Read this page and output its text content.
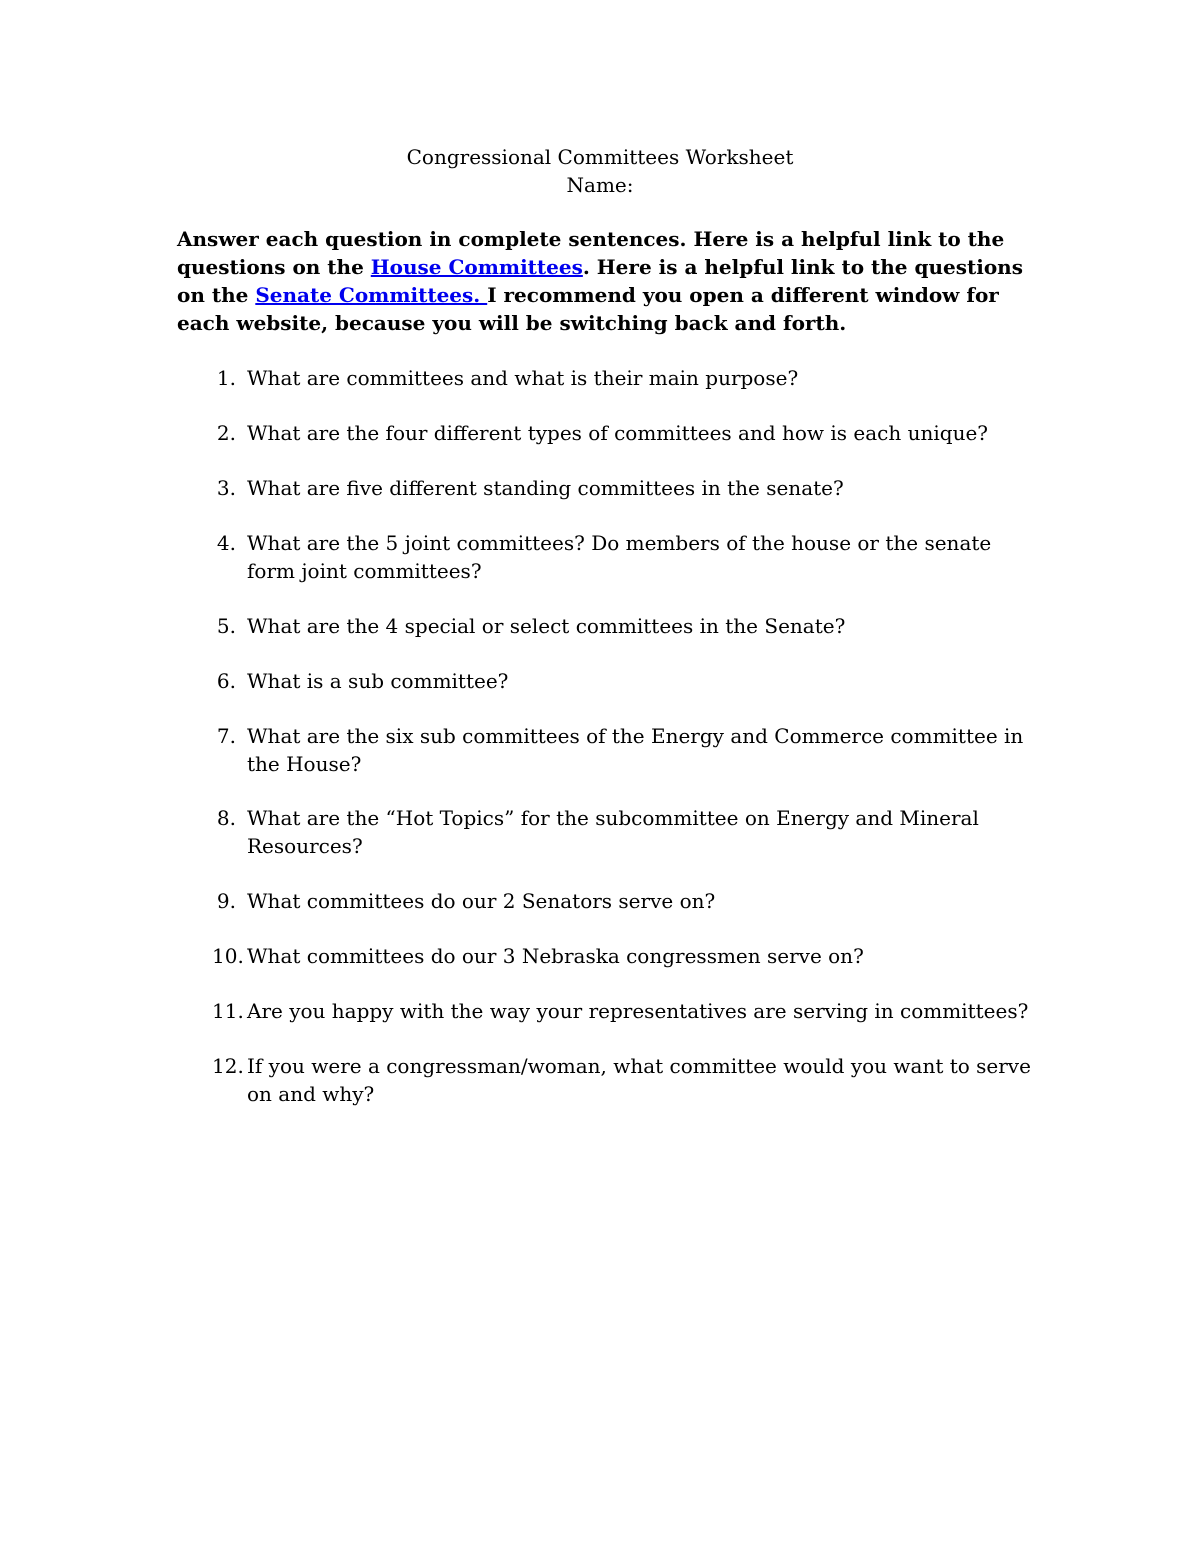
Congressional Committees Worksheet
Name:
Answer each question in complete sentences. Here is a helpful link to the questions on the House Committees. Here is a helpful link to the questions on the Senate Committees. I recommend you open a different window for each website, because you will be switching back and forth.
1. What are committees and what is their main purpose?
2. What are the four different types of committees and how is each unique?
3. What are five different standing committees in the senate?
4. What are the 5 joint committees? Do members of the house or the senate form joint committees?
5. What are the 4 special or select committees in the Senate?
6. What is a sub committee?
7. What are the six sub committees of the Energy and Commerce committee in the House?
8. What are the “Hot Topics” for the subcommittee on Energy and Mineral Resources?
9. What committees do our 2 Senators serve on?
10. What committees do our 3 Nebraska congressmen serve on?
11. Are you happy with the way your representatives are serving in committees?
12. If you were a congressman/woman, what committee would you want to serve on and why?
